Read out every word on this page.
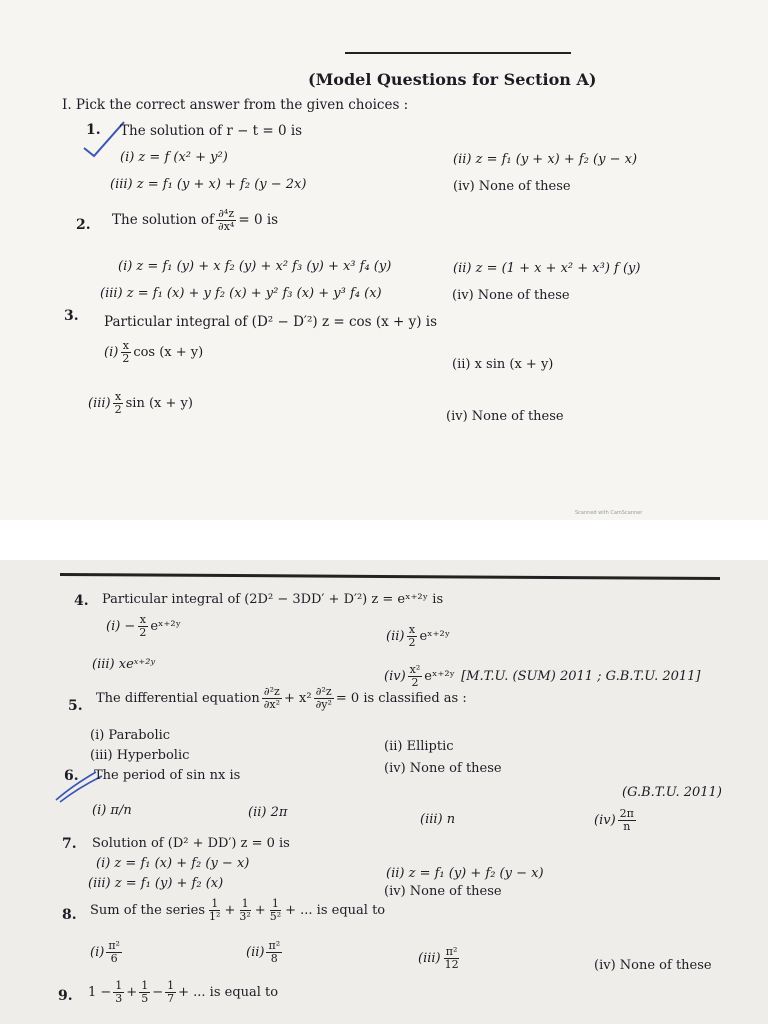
(Model Questions for Section A)
I. Pick the correct answer from the given choices :
1. The solution of r − t = 0 is
(i) z = f (x² + y²)	(ii) z = f₁ (y + x) + f₂ (y − x)
(iii) z = f₁ (y + x) + f₂ (y − 2x)	(iv) None of these
2. The solution of $\frac{\text{∂⁴z}}{\text{∂x⁴}} = 0$ is
(i) z = f₁ (y) + x f₂ (y) + x² f₃ (y) + x³ f₄ (y)	(ii) z = (1 + x + x² + x³) f (y)
(iii) z = f₁ (x) + y f₂ (x) + y² f₃ (x) + y³ f₄ (x)	(iv) None of these
3. Particular integral of (D² − D′²) z = cos (x + y) is
$(i) \frac{x}{2}$ cos (x + y)
(ii) x sin (x + y)
$(iii) \frac{x}{2}$ sin (x + y)
(iv) None of these
Scanned with CamScanner
4. Particular integral of (2D² − 3DD′ + D′²) z = eˣ⁺²ʸ is
$(i) - \frac{x}{2}$ eˣ⁺²ʸ
$(ii) \frac{x}{2}$ eˣ⁺²ʸ
(iii) xeˣ⁺²ʸ
$(iv) \frac{\text{x²}}{2}$ eˣ⁺²ʸ [M.T.U. (SUM) 2011 ; G.B.T.U. 2011]
5. The differential equation $\frac{\text{∂²z}}{\text{∂x²}} + x^2 \frac{\text{∂²z}}{\text{∂y²}} = 0$ is classified as :
(i) Parabolic
(ii) Elliptic
(iii) Hyperbolic
(iv) None of these
6. The period of sin nx is
(G.B.T.U. 2011)
(i) π/n	(ii) 2π	(iii) n	$(iv) \frac{2\pi}{n}$
7. Solution of (D² + DD′) z = 0 is
(i) z = f₁ (x) + f₂ (y − x)
(ii) z = f₁ (y) + f₂ (y − x)
(iii) z = f₁ (y) + f₂ (x)
(iv) None of these
8. Sum of the series $\frac{1}{\text{1²}} + \frac{1}{\text{3²}} + \frac{1}{\text{5²}}$ + ... is equal to
$(i) \frac{\text{π²}}{6}$	$(ii) \frac{\text{π²}}{8}$	$(iii) \frac{\text{π²}}{12}$	(iv) None of these
9. $1 - \frac{1}{3} + \frac{1}{5} - \frac{1}{7}$ + ... is equal to
